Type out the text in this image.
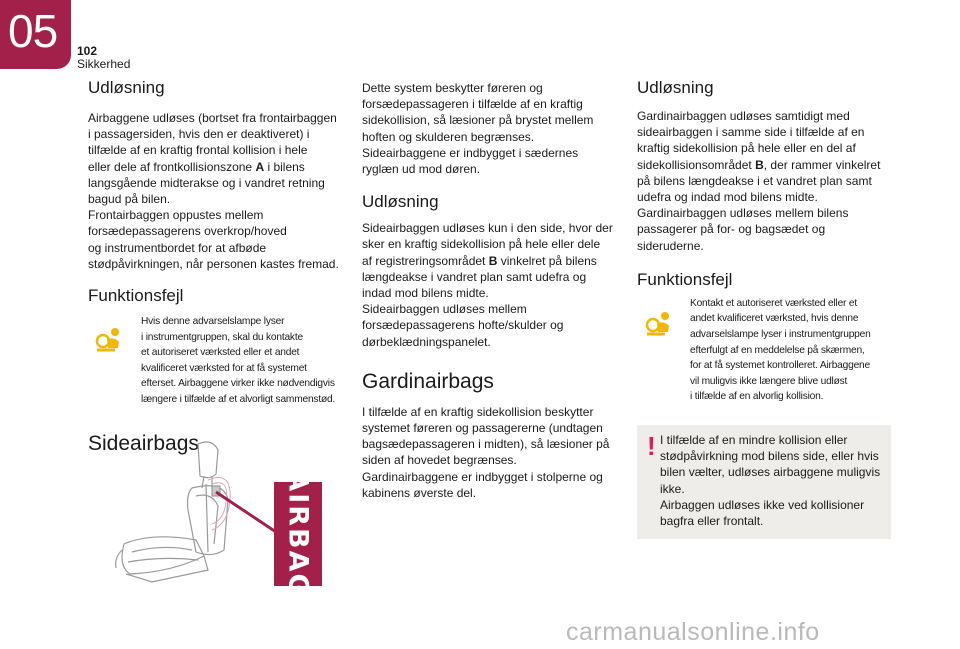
05 102
Sikkerhed
Udløsning

Airbaggene udløses (bortset fra frontairbaggen

i passagersiden, hvis den er deaktiveret) i

tilfælde af en kraftig frontal kollision i hele

eller dele af frontkollisionszone A i bilens

langsgående midterakse og i vandret retning

bagud på bilen.

Frontairbaggen oppustes mellem

forsædepassagerens overkrop/hoved

og instrumentbordet for at afbøde

stødpåvirkningen, når personen kastes fremad.

Funktionsfejl

Hvis denne advarselslampe lyser

i instrumentgruppen, skal du kontakte

et autoriseret værksted eller et andet

kvalificeret værksted for at få systemet

efterset. Airbaggene virker ikke nødvendigvis

længere i tilfælde af et alvorligt sammenstød.

Sideairbags
AIRBAG

Dette system beskytter føreren og

forsædepassageren i tilfælde af en kraftig

sidekollision, så læsioner på brystet mellem

hoften og skulderen begrænses.

Sideairbaggene er indbygget i sædernes

ryglæn ud mod døren.

Udløsning

Sideairbaggen udløses kun i den side, hvor der

sker en kraftig sidekollision på hele eller dele

af registreringsområdet B vinkelret på bilens

længdeakse i vandret plan samt udefra og

indad mod bilens midte.

Sideairbaggen udløses mellem

forsædepassagerens hofte/skulder og

dørbeklædningspanelet.

Gardinairbags

I tilfælde af en kraftig sidekollision beskytter

systemet føreren og passagererne (undtagen

bagsædepassageren i midten), så læsioner på

siden af hovedet begrænses.

Gardinairbaggene er indbygget i stolperne og

kabinens øverste del.

Udløsning

Gardinairbaggen udløses samtidigt med

sideairbaggen i samme side i tilfælde af en

kraftig sidekollision på hele eller en del af

sidekollisionsområdet B, der rammer vinkelret

på bilens længdeakse i et vandret plan samt

udefra og indad mod bilens midte.

Gardinairbaggen udløses mellem bilens

passagerer på for- og bagsædet og

sideruderne.

Funktionsfejl

Kontakt et autoriseret værksted eller et

andet kvalificeret værksted, hvis denne

advarselslampe lyser i instrumentgruppen

efterfulgt af en meddelelse på skærmen,

for at få systemet kontrolleret. Airbaggene

vil muligvis ikke længere blive udløst

i tilfælde af en alvorlig kollision.

! I tilfælde af en mindre kollision eller

stødpåvirkning mod bilens side, eller hvis

bilen vælter, udløses airbaggene muligvis

ikke.

Airbaggen udløses ikke ved kollisioner

bagfra eller frontalt.

carmanualsonline.info
